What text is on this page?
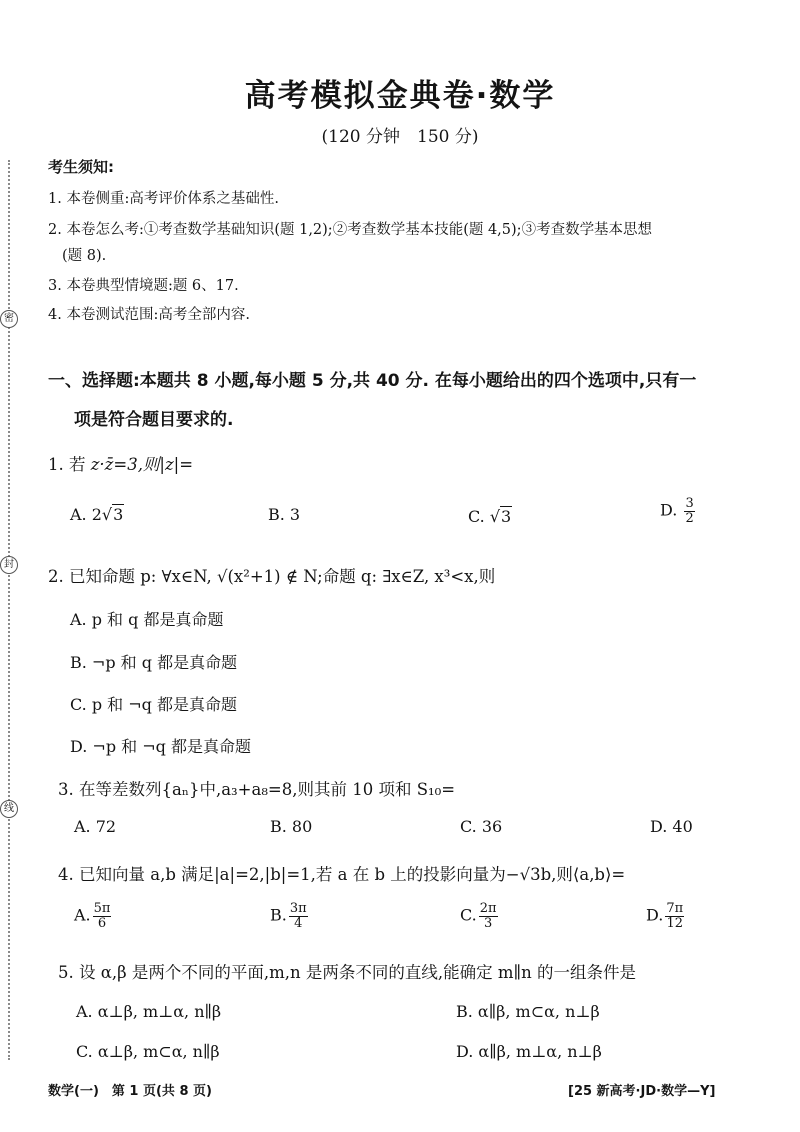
密
封
线
高考模拟金典卷·数学
(120 分钟　150 分)
考生须知:
1. 本卷侧重:高考评价体系之基础性.
2. 本卷怎么考:①考查数学基础知识(题 1,2);②考查数学基本技能(题 4,5);③考查数学基本思想
(题 8).
3. 本卷典型情境题:题 6、17.
4. 本卷测试范围:高考全部内容.
一、选择题:本题共 8 小题,每小题 5 分,共 40 分. 在每小题给出的四个选项中,只有一
项是符合题目要求的.
1. 若 z·z̄=3,则|z|=
A. 2√3	B. 3	C. √3	D. $\frac{3}{2}$
2. 已知命题 p: ∀x∈N, √(x²+1) ∉ N;命题 q: ∃x∈Z, x³<x,则
A. p 和 q 都是真命题
B. ¬p 和 q 都是真命题
C. p 和 ¬q 都是真命题
D. ¬p 和 ¬q 都是真命题
3. 在等差数列{aₙ}中,a₃+a₈=8,则其前 10 项和 S₁₀=
A. 72	B. 80	C. 36	D. 40
4. 已知向量 a,b 满足|a|=2,|b|=1,若 a 在 b 上的投影向量为−√3b,则⟨a,b⟩=
A. $\frac{5\pi}{6}$	B. $\frac{3\pi}{4}$	C. $\frac{2\pi}{3}$	D. $\frac{7\pi}{12}$
5. 设 α,β 是两个不同的平面,m,n 是两条不同的直线,能确定 m∥n 的一组条件是
A. α⊥β, m⊥α, n∥β	B. α∥β, m⊂α, n⊥β
C. α⊥β, m⊂α, n∥β	D. α∥β, m⊥α, n⊥β
数学(一)　第 1 页(共 8 页)	[25 新高考·JD·数学—Y]
